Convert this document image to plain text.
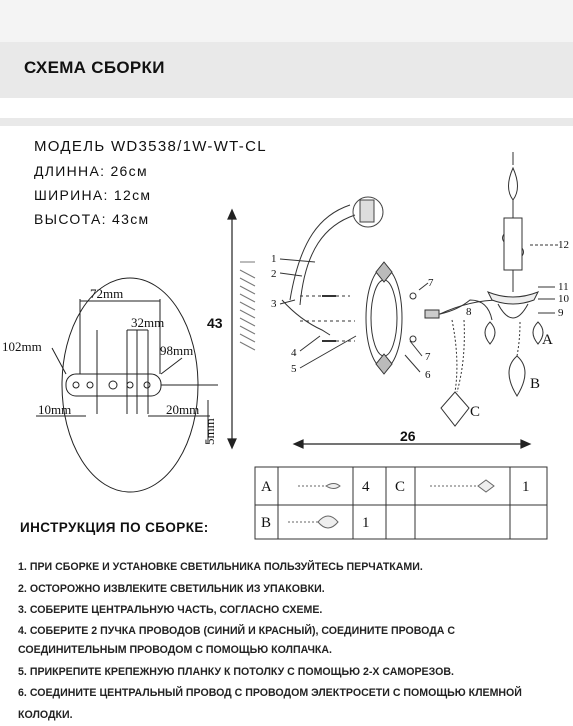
СХЕМА СБОРКИ
МОДЕЛЬ WD3538/1W-WT-CL
ДЛИННА: 26см
ШИРИНА: 12см
ВЫСОТА: 43см
72mm
32mm
102mm	98mm
10mm	20mm
5mm
43
26
1
2
3
4
5	6
7
7
8	9
10
11
12
A
B
C
A	4 C	1
B	1
ИНСТРУКЦИЯ ПО СБОРКЕ:
1. ПРИ СБОРКЕ И УСТАНОВКЕ СВЕТИЛЬНИКА ПОЛЬЗУЙТЕСЬ ПЕРЧАТКАМИ.
2. ОСТОРОЖНО ИЗВЛЕКИТЕ СВЕТИЛЬНИК ИЗ УПАКОВКИ.
3. СОБЕРИТЕ ЦЕНТРАЛЬНУЮ ЧАСТЬ, СОГЛАСНО СХЕМЕ.
4. СОБЕРИТЕ 2 ПУЧКА ПРОВОДОВ (СИНИЙ И КРАСНЫЙ), СОЕДИНИТЕ ПРОВОДА С СОЕДИНИТЕЛЬНЫМ ПРОВОДОМ С ПОМОЩЬЮ КОЛПАЧКА.
5. ПРИКРЕПИТЕ КРЕПЕЖНУЮ ПЛАНКУ К ПОТОЛКУ С ПОМОЩЬЮ 2-Х САМОРЕЗОВ.
6. СОЕДИНИТЕ ЦЕНТРАЛЬНЫЙ ПРОВОД С ПРОВОДОМ ЭЛЕКТРОСЕТИ С ПОМОЩЬЮ КЛЕМНОЙ КОЛОДКИ.
